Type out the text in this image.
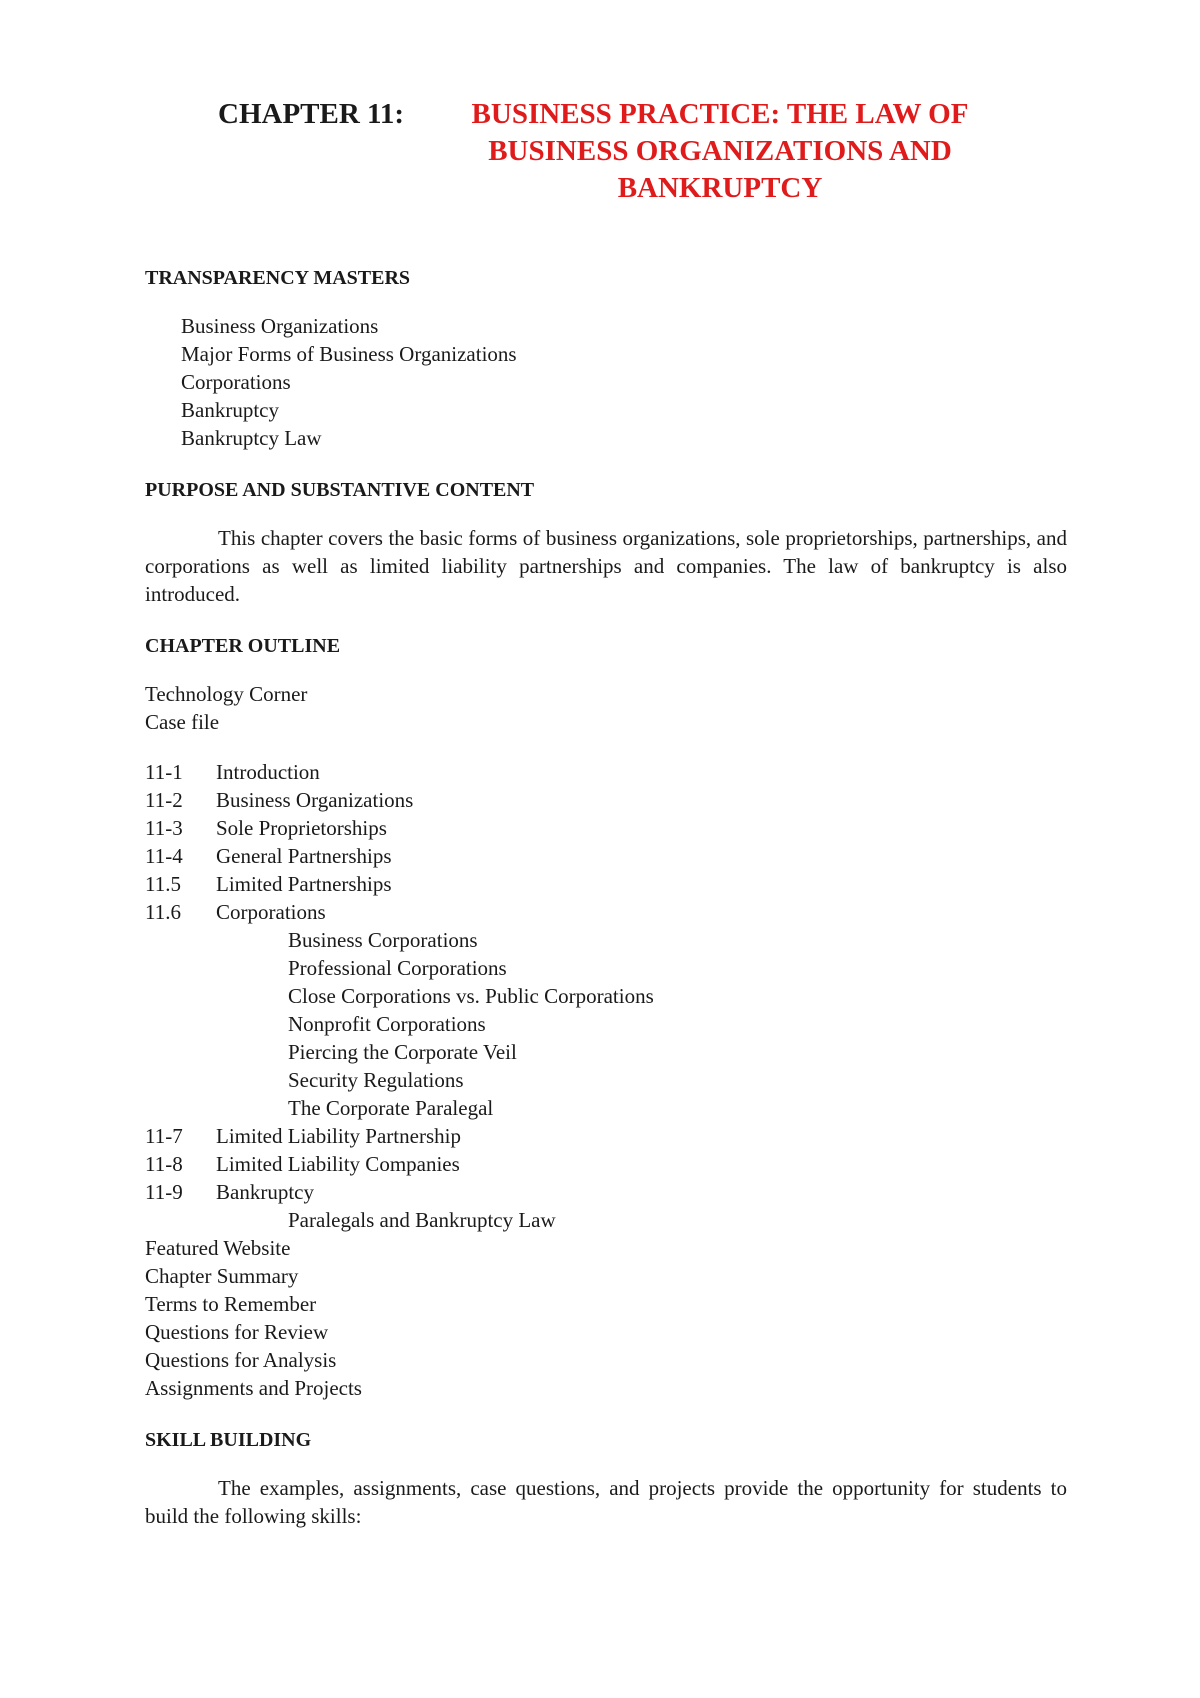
CHAPTER 11:	BUSINESS PRACTICE: THE LAW OF
BUSINESS ORGANIZATIONS AND
BANKRUPTCY
TRANSPARENCY MASTERS
Business Organizations
Major Forms of Business Organizations
Corporations
Bankruptcy
Bankruptcy Law
PURPOSE AND SUBSTANTIVE CONTENT
This chapter covers the basic forms of business organizations, sole proprietorships, partnerships, and corporations as well as limited liability partnerships and companies. The law of bankruptcy is also introduced.
CHAPTER OUTLINE
Technology Corner
Case file
11-1 Introduction
11-2 Business Organizations
11-3 Sole Proprietorships
11-4 General Partnerships
11.5 Limited Partnerships
11.6 Corporations
Business Corporations
Professional Corporations
Close Corporations vs. Public Corporations
Nonprofit Corporations
Piercing the Corporate Veil
Security Regulations
The Corporate Paralegal
11-7 Limited Liability Partnership
11-8 Limited Liability Companies
11-9 Bankruptcy
Paralegals and Bankruptcy Law
Featured Website
Chapter Summary
Terms to Remember
Questions for Review
Questions for Analysis
Assignments and Projects
SKILL BUILDING
The examples, assignments, case questions, and projects provide the opportunity for students to build the following skills:
